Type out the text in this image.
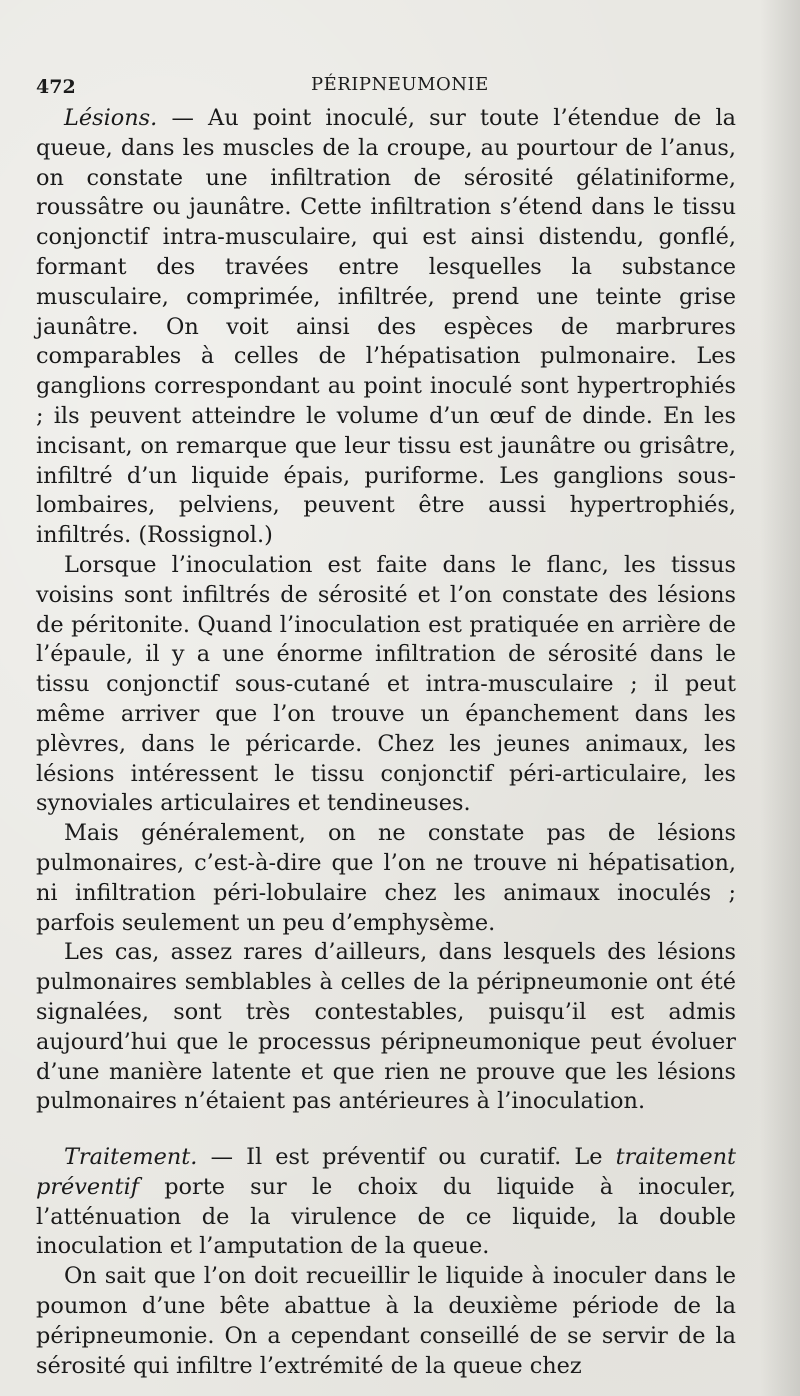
472	PÉRIPNEUMONIE

Lésions. — Au point inoculé, sur toute l’étendue de la queue, dans les muscles de la croupe, au pourtour de l’anus, on constate une infiltration de sérosité gélatiniforme, roussâtre ou jaunâtre. Cette infiltration s’étend dans le tissu conjonctif intra-musculaire, qui est ainsi distendu, gonflé, formant des travées entre lesquelles la substance musculaire, comprimée, infiltrée, prend une teinte grise jaunâtre. On voit ainsi des espèces de marbrures comparables à celles de l’hépatisation pulmonaire. Les ganglions correspondant au point inoculé sont hypertrophiés ; ils peuvent atteindre le volume d’un œuf de dinde. En les incisant, on remarque que leur tissu est jaunâtre ou grisâtre, infiltré d’un liquide épais, puriforme. Les ganglions sous-lombaires, pelviens, peuvent être aussi hypertrophiés, infiltrés. (Rossignol.)

Lorsque l’inoculation est faite dans le flanc, les tissus voisins sont infiltrés de sérosité et l’on constate des lésions de péritonite. Quand l’inoculation est pratiquée en arrière de l’épaule, il y a une énorme infiltration de sérosité dans le tissu conjonctif sous-cutané et intra-musculaire ; il peut même arriver que l’on trouve un épanchement dans les plèvres, dans le péricarde. Chez les jeunes animaux, les lésions intéressent le tissu conjonctif péri-articulaire, les synoviales articulaires et tendineuses.

Mais généralement, on ne constate pas de lésions pulmonaires, c’est-à-dire que l’on ne trouve ni hépatisation, ni infiltration péri-lobulaire chez les animaux inoculés ; parfois seulement un peu d’emphysème.

Les cas, assez rares d’ailleurs, dans lesquels des lésions pulmonaires semblables à celles de la péripneumonie ont été signalées, sont très contestables, puisqu’il est admis aujourd’hui que le processus péripneumonique peut évoluer d’une manière latente et que rien ne prouve que les lésions pulmonaires n’étaient pas antérieures à l’inoculation.

Traitement. — Il est préventif ou curatif. Le traitement préventif porte sur le choix du liquide à inoculer, l’atténuation de la virulence de ce liquide, la double inoculation et l’amputation de la queue.

On sait que l’on doit recueillir le liquide à inoculer dans le poumon d’une bête abattue à la deuxième période de la péripneumonie. On a cependant conseillé de se servir de la sérosité qui infiltre l’extrémité de la queue chez
